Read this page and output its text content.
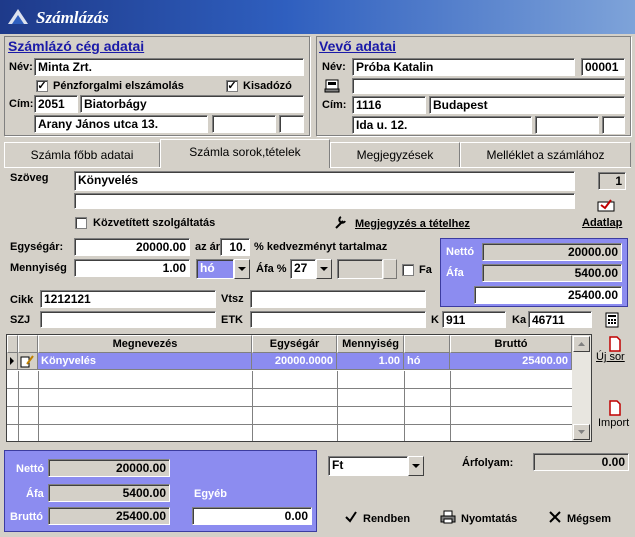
Számlázás
Számlázó cég adatai
Név: Minta Zrt.
✓ Pénzforgalmi elszámolás	✓ Kisadózó
Cím: 2051	Biatorbágy
Arany János utca 13.
Vevő adatai
Név: Próba Katalin	00001
Cím: 1116	Budapest
Ida u. 12.
Számla főbb adatai	Számla sorok,tételek	Megjegyzések	Melléklet a számlához
Szöveg	Könyvelés	1
Közvetített szolgáltatás	Megjegyzés a tételhez	Adatlap
Egységár:	20000.00 az ár 10. % kedvezményt tartalmaz
Mennyiség	1.00	hó	Áfa % 27	Fa
Nettó	20000.00
Áfa	5400.00
25400.00
Cikk 1212121	Vtsz
SZJ	ETK	K 911	Ka 46711
Megnevezés	Egységár	Mennyiség	Bruttó
Könyvelés	20000.0000	1.00 hó	25400.00	Új sor
Import
Nettó	20000.00
Áfa	5400.00	Egyéb
Bruttó	25400.00	0.00
Ft	Árfolyam:	0.00
Rendben	Nyomtatás	Mégsem
